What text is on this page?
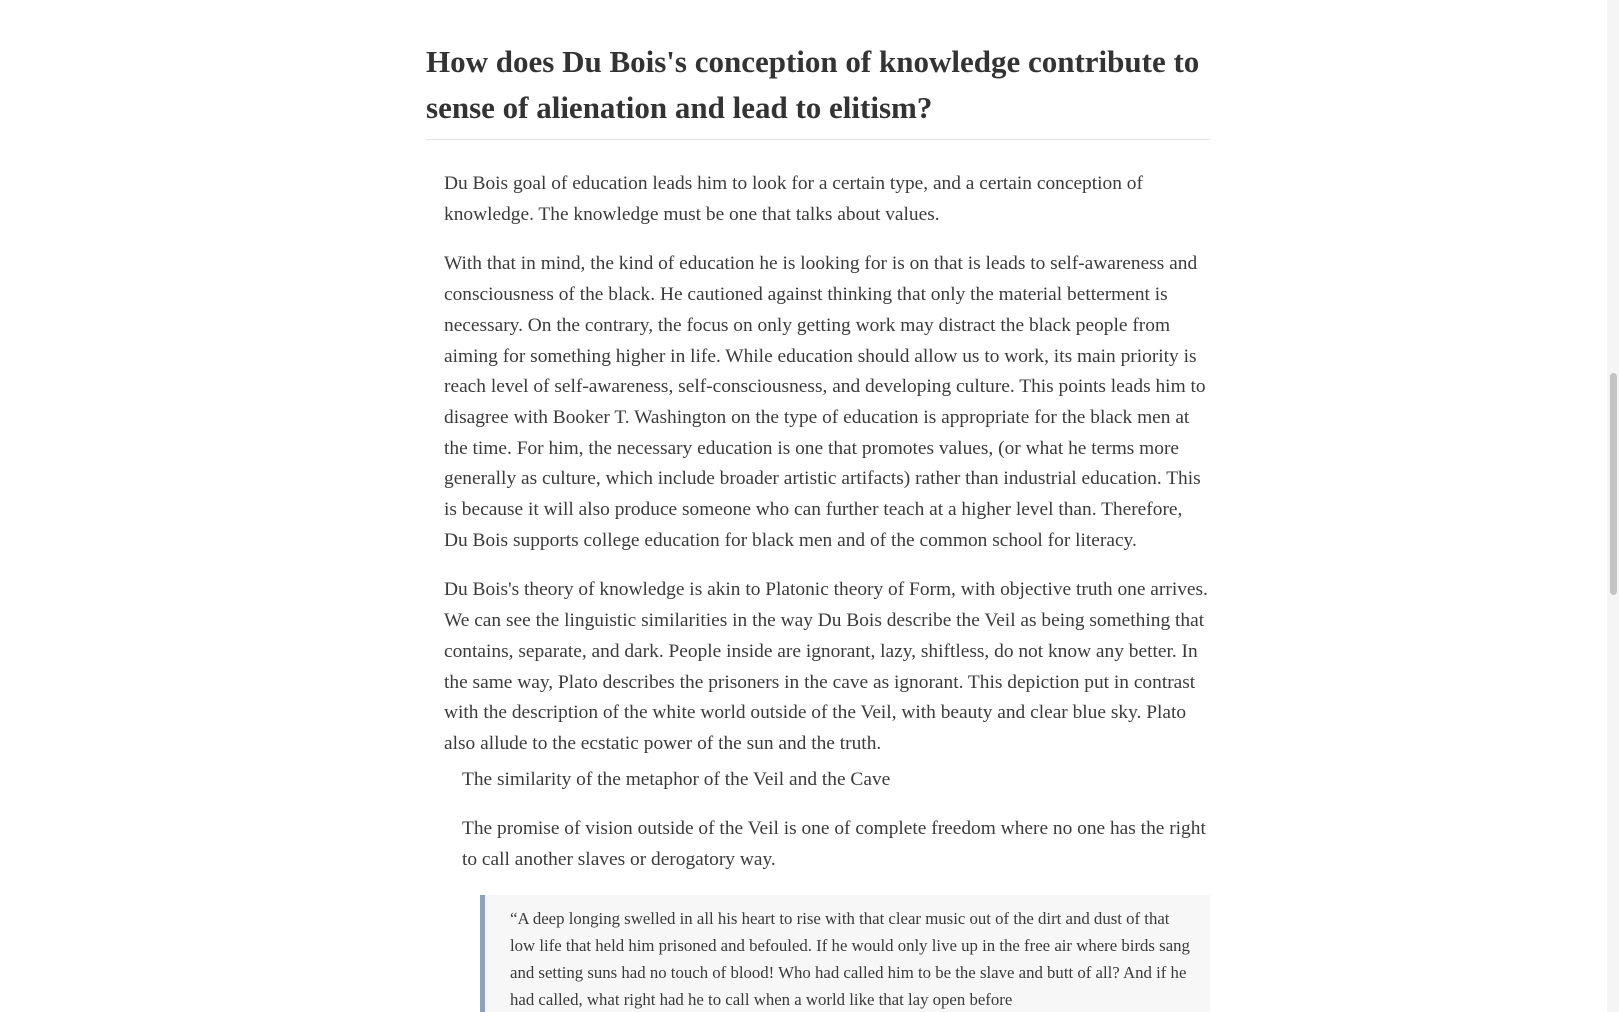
How does Du Bois's conception of knowledge contribute to sense of alienation and lead to elitism?

Du Bois goal of education leads him to look for a certain type, and a certain conception of knowledge. The knowledge must be one that talks about values.

With that in mind, the kind of education he is looking for is on that is leads to self-awareness and consciousness of the black. He cautioned against thinking that only the material betterment is necessary. On the contrary, the focus on only getting work may distract the black people from aiming for something higher in life. While education should allow us to work, its main priority is reach level of self-awareness, self-consciousness, and developing culture. This points leads him to disagree with Booker T. Washington on the type of education is appropriate for the black men at the time. For him, the necessary education is one that promotes values, (or what he terms more generally as culture, which include broader artistic artifacts) rather than industrial education. This is because it will also produce someone who can further teach at a higher level than. Therefore, Du Bois supports college education for black men and of the common school for literacy.

Du Bois's theory of knowledge is akin to Platonic theory of Form, with objective truth one arrives. We can see the linguistic similarities in the way Du Bois describe the Veil as being something that contains, separate, and dark. People inside are ignorant, lazy, shiftless, do not know any better. In the same way, Plato describes the prisoners in the cave as ignorant. This depiction put in contrast with the description of the white world outside of the Veil, with beauty and clear blue sky. Plato also allude to the ecstatic power of the sun and the truth.

The similarity of the metaphor of the Veil and the Cave

The promise of vision outside of the Veil is one of complete freedom where no one has the right to call another slaves or derogatory way.

“A deep longing swelled in all his heart to rise with that clear music out of the dirt and dust of that low life that held him prisoned and befouled. If he would only live up in the free air where birds sang and setting suns had no touch of blood! Who had called him to be the slave and butt of all? And if he had called, what right had he to call when a world like that lay open before
